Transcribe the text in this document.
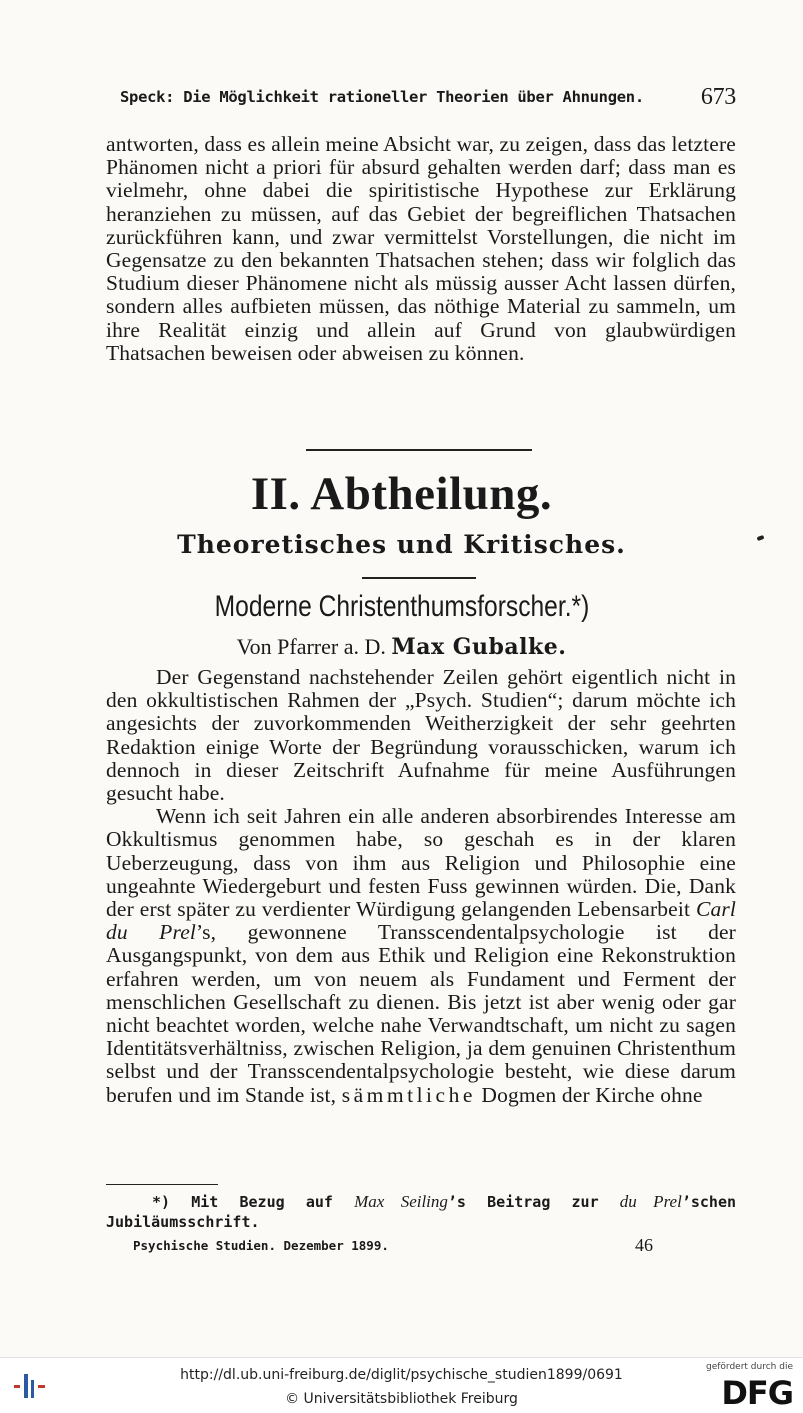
Speck: Die Möglichkeit rationeller Theorien über Ahnungen. 673

antworten, dass es allein meine Absicht war, zu zeigen, dass das letztere Phänomen nicht a priori für absurd gehalten werden darf; dass man es vielmehr, ohne dabei die spiritistische Hypothese zur Erklärung heranziehen zu müssen, auf das Gebiet der begreiflichen Thatsachen zurückführen kann, und zwar vermittelst Vorstellungen, die nicht im Gegensatze zu den bekannten Thatsachen stehen; dass wir folglich das Studium dieser Phänomene nicht als müssig ausser Acht lassen dürfen, sondern alles aufbieten müssen, das nöthige Material zu sammeln, um ihre Realität einzig und allein auf Grund von glaubwürdigen Thatsachen beweisen oder abweisen zu können.

II. Abtheilung.
Theoretisches und Kritisches.
Moderne Christenthumsforscher.*)
Von Pfarrer a. D. Max Gubalke.

Der Gegenstand nachstehender Zeilen gehört eigentlich nicht in den okkultistischen Rahmen der „Psych. Studien“; darum möchte ich angesichts der zuvorkommenden Weitherzigkeit der sehr geehrten Redaktion einige Worte der Begründung vorausschicken, warum ich dennoch in dieser Zeitschrift Aufnahme für meine Ausführungen gesucht habe.

Wenn ich seit Jahren ein alle anderen absorbirendes Interesse am Okkultismus genommen habe, so geschah es in der klaren Ueberzeugung, dass von ihm aus Religion und Philosophie eine ungeahnte Wiedergeburt und festen Fuss gewinnen würden. Die, Dank der erst später zu verdienter Würdigung gelangenden Lebensarbeit Carl du Prel’s, gewonnene Transscendentalpsychologie ist der Ausgangspunkt, von dem aus Ethik und Religion eine Rekonstruktion erfahren werden, um von neuem als Fundament und Ferment der menschlichen Gesellschaft zu dienen. Bis jetzt ist aber wenig oder gar nicht beachtet worden, welche nahe Verwandtschaft, um nicht zu sagen Identitätsverhältniss, zwischen Religion, ja dem genuinen Christenthum selbst und der Transscendentalpsychologie besteht, wie diese darum berufen und im Stande ist, sämmtliche Dogmen der Kirche ohne

*) Mit Bezug auf Max Seiling’s Beitrag zur du Prel’schen Jubiläumsschrift.

Psychische Studien. Dezember 1899.	46
http://dl.ub.uni-freiburg.de/diglit/psychische_studien1899/0691
© Universitätsbibliothek Freiburg
gefördert durch die
DFG
